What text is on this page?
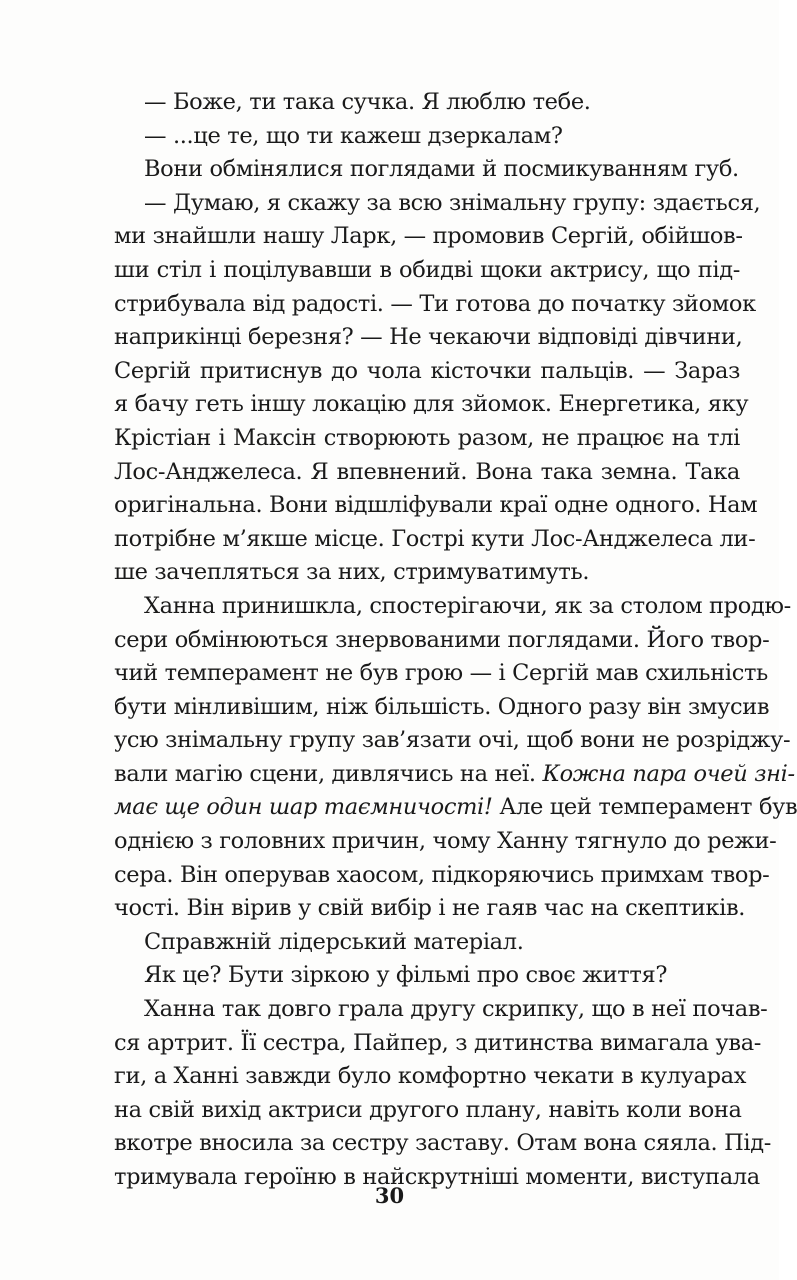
— Боже, ти така сучка. Я люблю тебе.
— ...це те, що ти кажеш дзеркалам?
Вони обмінялися поглядами й посмикуванням губ.
— Думаю, я скажу за всю знімальну групу: здається,
ми знайшли нашу Ларк, — промовив Сергій, обійшов-
ши стіл і поцілувавши в обидві щоки актрису, що під-
стрибувала від радості. — Ти готова до початку зйомок
наприкінці березня? — Не чекаючи відповіді дівчини,
Сергій притиснув до чола кісточки пальців. — Зараз
я бачу геть іншу локацію для зйомок. Енергетика, яку
Крістіан і Максін створюють разом, не працює на тлі
Лос-Анджелеса. Я впевнений. Вона така земна. Така
оригінальна. Вони відшліфували краї одне одного. Нам
потрібне м’якше місце. Гострі кути Лос-Анджелеса ли-
ше зачепляться за них, стримуватимуть.
Ханна принишкла, спостерігаючи, як за столом продю-
сери обмінюються знервованими поглядами. Його твор-
чий темперамент не був грою — і Сергій мав схильність
бути мінливішим, ніж більшість. Одного разу він змусив
усю знімальну групу зав’язати очі, щоб вони не розріджу-
вали магію сцени, дивлячись на неї. Кожна пара очей зні-
має ще один шар таємничості! Але цей темперамент був
однією з головних причин, чому Ханну тягнуло до режи-
сера. Він оперував хаосом, підкоряючись примхам твор-
чості. Він вірив у свій вибір і не гаяв час на скептиків.
Справжній лідерський матеріал.
Як це? Бути зіркою у фільмі про своє життя?
Ханна так довго грала другу скрипку, що в неї почав-
ся артрит. Її сестра, Пайпер, з дитинства вимагала ува-
ги, а Ханні завжди було комфортно чекати в кулуарах
на свій вихід актриси другого плану, навіть коли вона
вкотре вносила за сестру заставу. Отам вона сяяла. Під-
тримувала героїню в найскрутніші моменти, виступала
30
